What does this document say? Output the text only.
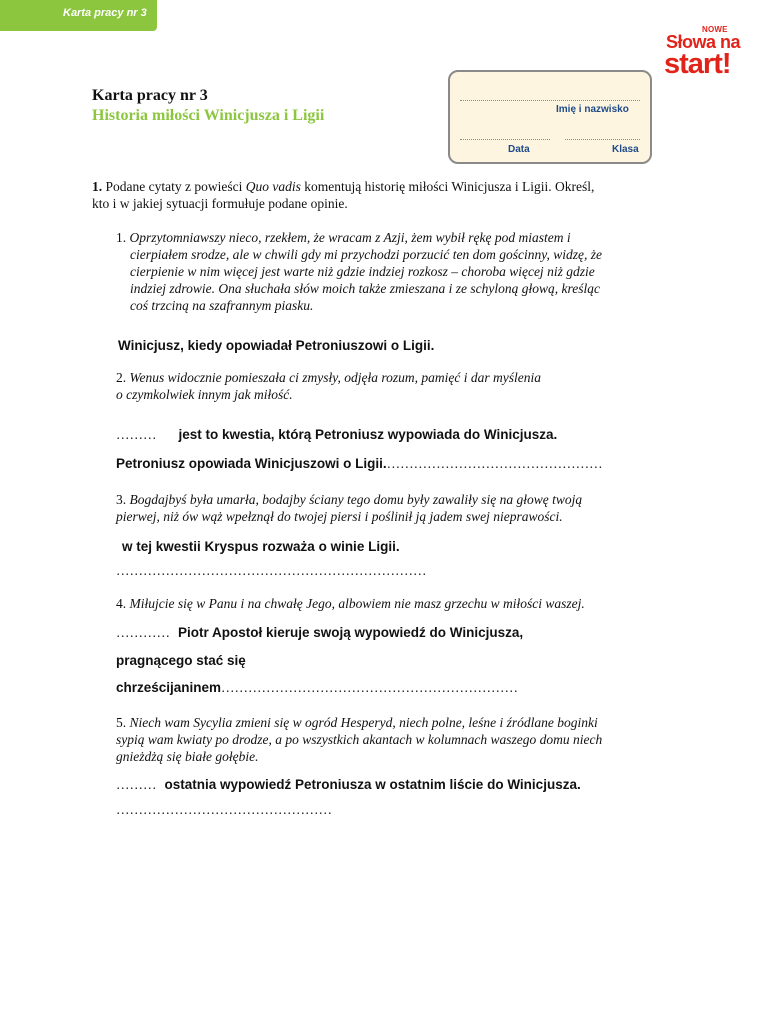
Karta pracy nr 3
NOWE
Słowa na
start!
Karta pracy nr 3
Historia miłości Winicjusza i Ligii	Imię i nazwisko
Data	Klasa
1. Podane cytaty z powieści Quo vadis komentują historię miłości Winicjusza i Ligii. Określ,
kto i w jakiej sytuacji formułuje podane opinie.
1. Oprzytomniawszy nieco, rzekłem, że wracam z Azji, żem wybił rękę pod miastem i
cierpiałem srodze, ale w chwili gdy mi przychodzi porzucić ten dom gościnny, widzę, że
cierpienie w nim więcej jest warte niż gdzie indziej rozkosz – choroba więcej niż gdzie
indziej zdrowie. Ona słuchała słów moich także zmieszana i ze schyloną głową, kreśląc
coś trzciną na szafrannym piasku.
Winicjusz, kiedy opowiadał Petroniuszowi o Ligii.
2. Wenus widocznie pomieszała ci zmysły, odjęła rozum, pamięć i dar myślenia
o czymkolwiek innym jak miłość.
……… jest to kwestia, którą Petroniusz wypowiada do Winicjusza.
Petroniusz opowiada Winicjuszowi o Ligii.…………………………………………
3. Bogdajbyś była umarła, bodajby ściany tego domu były zawaliły się na głowę twoją
pierwej, niż ów wąż wpełznął do twojej piersi i poślinił ją jadem swej nieprawości.
w tej kwestii Kryspus rozważa o winie Ligii.
……………………………………………………………
4. Miłujcie się w Panu i na chwałę Jego, albowiem nie masz grzechu w miłości waszej.
………… Piotr Apostoł kieruje swoją wypowiedź do Winicjusza,
pragnącego stać się
chrześcijaninem…………………………………………………………
5. Niech wam Sycylia zmieni się w ogród Hesperyd, niech polne, leśne i źródlane boginki
sypią wam kwiaty po drodze, a po wszystkich akantach w kolumnach waszego domu niech
gnieżdżą się białe gołębie.
……… ostatnia wypowiedź Petroniusza w ostatnim liście do Winicjusza.
…………………………………………
